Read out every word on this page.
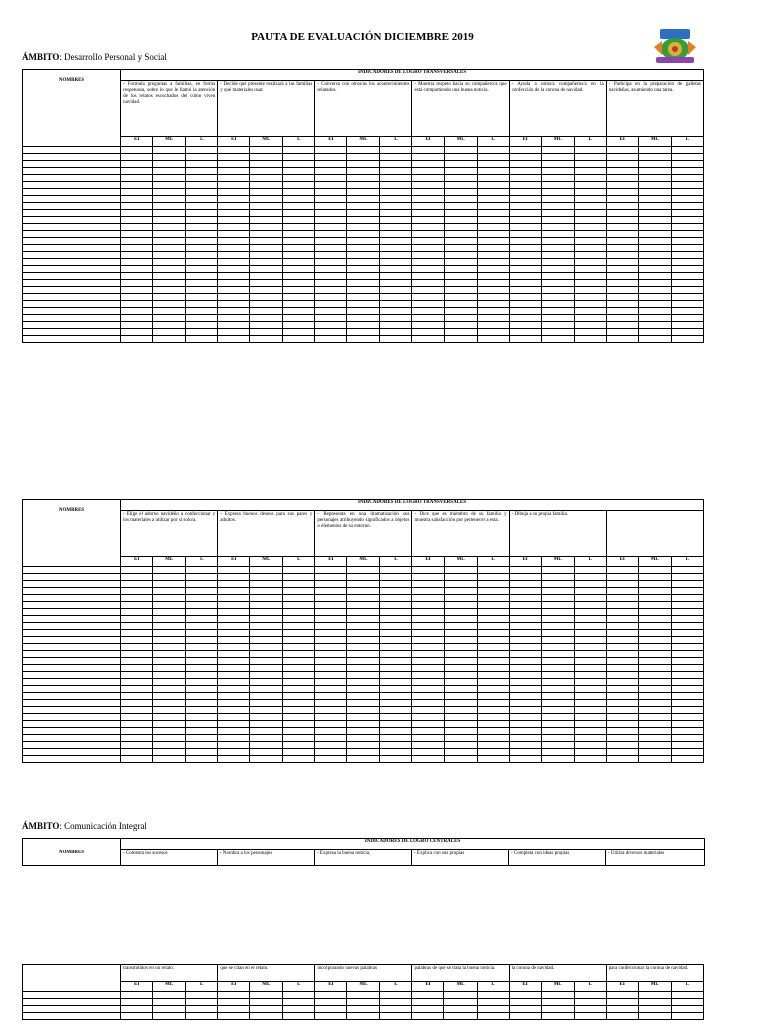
PAUTA DE EVALUACIÓN DICIEMBRE 2019
ÁMBITO: Desarrollo Personal y Social
NOMBRES	INDICADORES DE LOGRO TRANSVERSALES																	
	- Formula preguntas a familias, en forma respetuosa, sobre lo que le llamó la atención de los relatos escuchados del cómo viven navidad.			- Decide qué presente realizará a las familias y qué materiales usar.			- Conversa con otros/as los acontecimientos relatados.			- Muestra respeto hacia su compañero/a que está compartiendo una buena noticia.			- Ayuda a otros/a compañeros/a en la confección de la corona de navidad.			- Participa en la preparación de galletas navideñas, asumiendo una tarea.		
	EI	ML	L	EI	ML	L	EI	ML	L	EI	ML	L	EI	ML	L	EI	ML	L

ÁMBITO: Comunicación Integral
NOMBRES	INDICADORES DE LOGRO TRANSVERSALES																	
	- Elige el adorno navideño a confeccionar y los materiales a utilizar por sí solo/a.			- Expresa buenos deseos para sus pares y adultos.			- Representa en una dramatización sus personajes atribuyendo significados a objetos o elementos de su entorno.			- Dice que es miembro de su familia y muestra satisfacción por pertenecer a esta.			- Dibuja a su propia familia.					
	EI	ML	L	EI	ML	L	EI	ML	L	EI	ML	L	EI	ML	L	EI	ML	L

	INDICADORES DE LOGRO CENTRALES					
NOMBRES	- Comenta los sucesos	- Nombra a los personajes	- Expresa la buena noticia,	- Explica con sus propias	- Completa con ideas propias	- Utiliza diversos materiales
	transmitidos en un relato.			que se citan en el relato.			incorporando nuevas palabras			palabras de qué se trata la buena noticia.			la corona de navidad.			para confeccionar la corona de navidad.		
	EI	ML	L	EI	ML	L	EI	ML	L	EI	ML	L	EI	ML	L	EI	ML	L
